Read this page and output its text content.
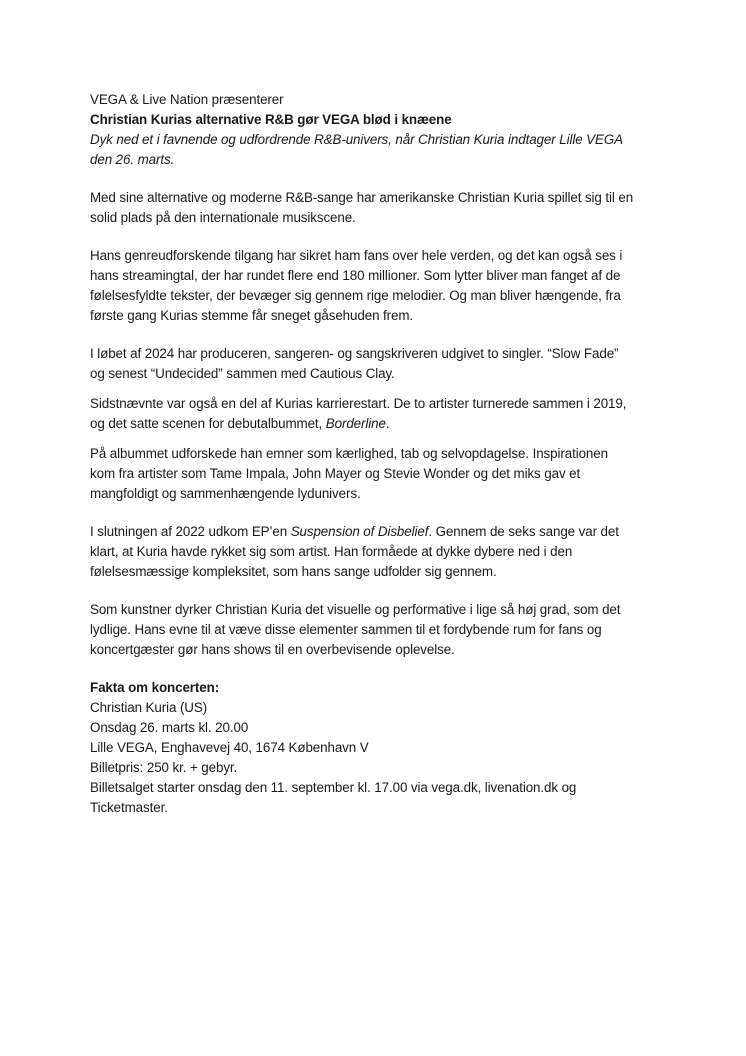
VEGA & Live Nation præsenterer
Christian Kurias alternative R&B gør VEGA blød i knæene
Dyk ned et i favnende og udfordrende R&B-univers, når Christian Kuria indtager Lille VEGA
den 26. marts.

Med sine alternative og moderne R&B-sange har amerikanske Christian Kuria spillet sig til en
solid plads på den internationale musikscene.

Hans genreudforskende tilgang har sikret ham fans over hele verden, og det kan også ses i
hans streamingtal, der har rundet flere end 180 millioner. Som lytter bliver man fanget af de
følelsesfyldte tekster, der bevæger sig gennem rige melodier. Og man bliver hængende, fra
første gang Kurias stemme får sneget gåsehuden frem.

I løbet af 2024 har produceren, sangeren- og sangskriveren udgivet to singler. “Slow Fade”
og senest “Undecided” sammen med Cautious Clay.

Sidstnævnte var også en del af Kurias karrierestart. De to artister turnerede sammen i 2019,
og det satte scenen for debutalbummet, Borderline.

På albummet udforskede han emner som kærlighed, tab og selvopdagelse. Inspirationen
kom fra artister som Tame Impala, John Mayer og Stevie Wonder og det miks gav et
mangfoldigt og sammenhængende lydunivers.

I slutningen af 2022 udkom EP’en Suspension of Disbelief. Gennem de seks sange var det
klart, at Kuria havde rykket sig som artist. Han formåede at dykke dybere ned i den
følelsesmæssige kompleksitet, som hans sange udfolder sig gennem.

Som kunstner dyrker Christian Kuria det visuelle og performative i lige så høj grad, som det
lydlige. Hans evne til at væve disse elementer sammen til et fordybende rum for fans og
koncertgæster gør hans shows til en overbevisende oplevelse.

Fakta om koncerten:
Christian Kuria (US)
Onsdag 26. marts kl. 20.00
Lille VEGA, Enghavevej 40, 1674 København V
Billetpris: 250 kr. + gebyr.
Billetsalget starter onsdag den 11. september kl. 17.00 via vega.dk, livenation.dk og
Ticketmaster.
